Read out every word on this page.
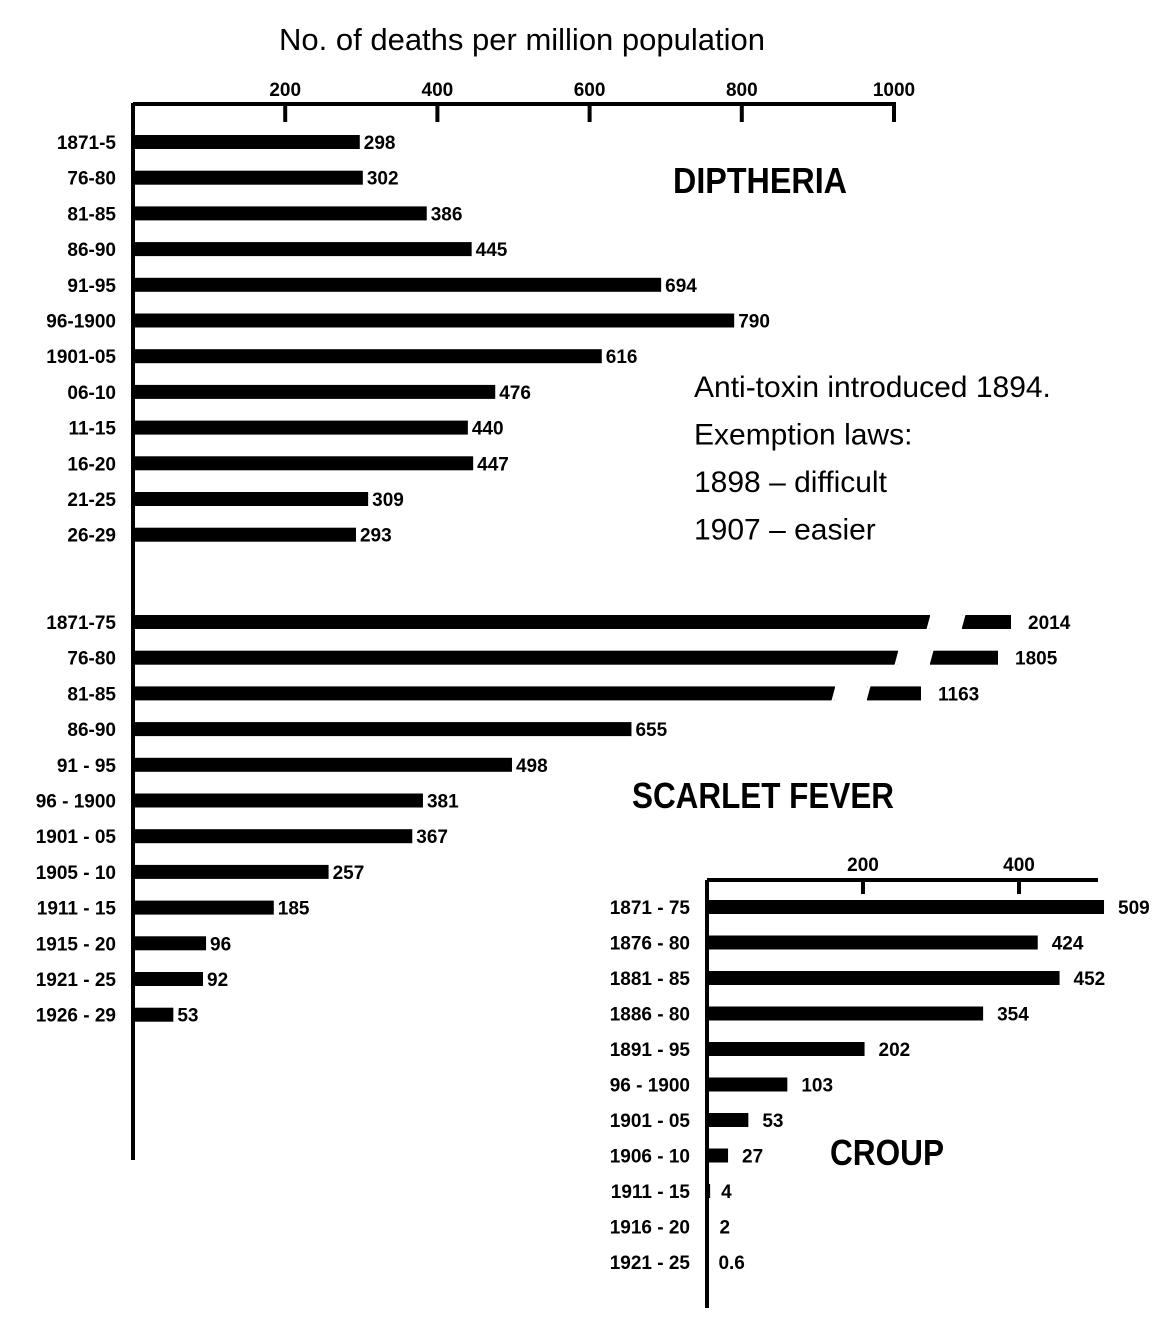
No. of deaths per million population
200	400	600	800	1000
1871-5	298
76-80	302
81-85	386
86-90	445
91-95	694
96-1900	790
1901-05	616
06-10	476
11-15	440
16-20	447
21-25	309
26-29	293
DIPTHERIA
Anti-toxin introduced 1894.
Exemption laws:
1898 – difficult
1907 – easier
1871-75	2014
76-80	1805
81-85	1163
86-90	655
91 - 95	498
96 - 1900	381
1901 - 05	367
1905 - 10	257
1911 - 15	185
1915 - 20	96
1921 - 25	92
1926 - 29	53
SCARLET FEVER
200	400
1871 - 75	509
1876 - 80	424
1881 - 85	452
1886 - 80	354
1891 - 95	202
96 - 1900	103
1901 - 05	53
1906 - 10	27
1911 - 15 4
1916 - 20 2
1921 - 25 0.6
CROUP
